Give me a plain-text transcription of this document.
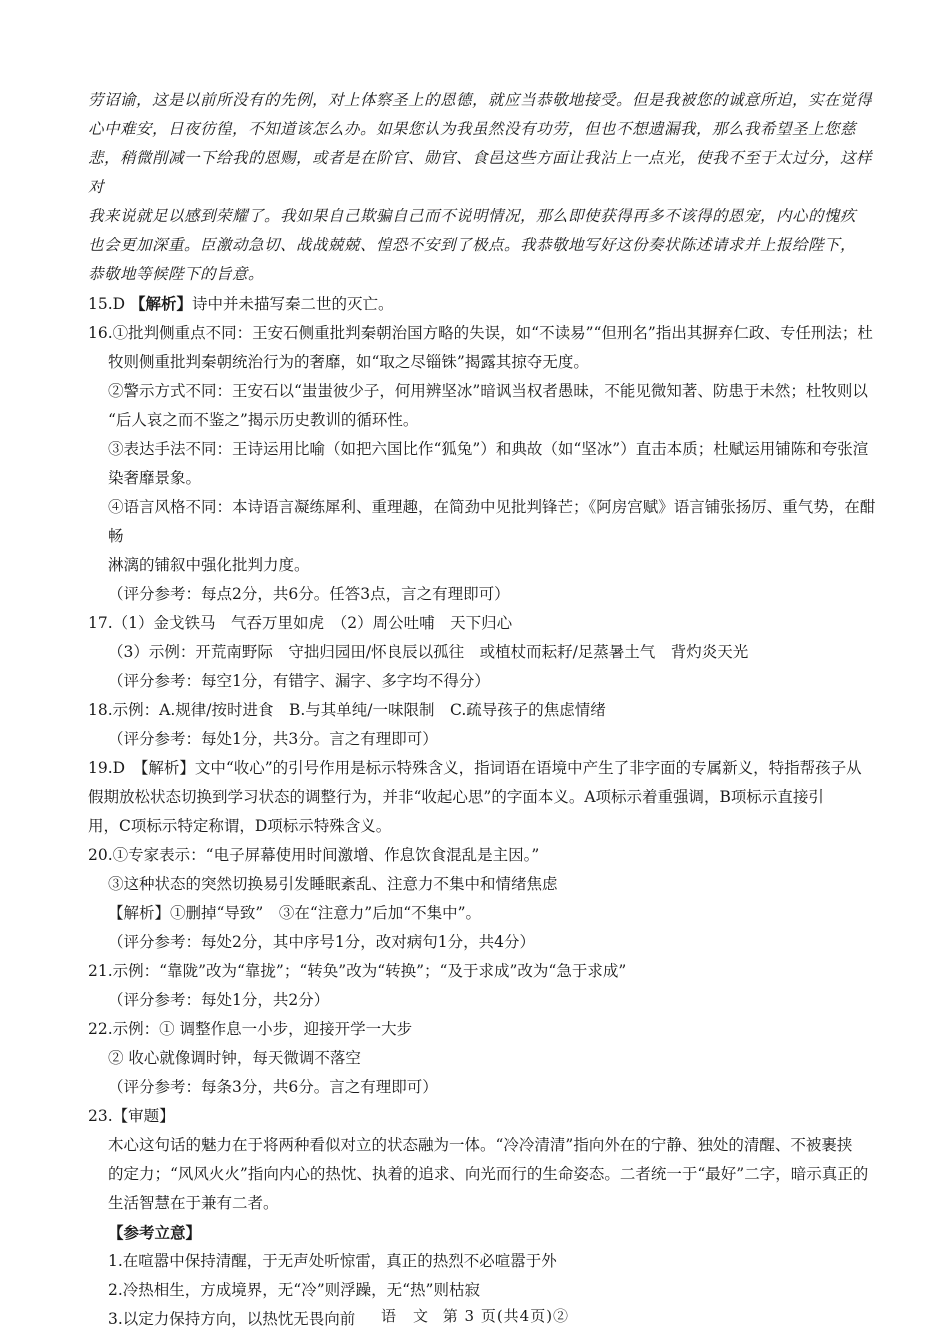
劳诏谕，这是以前所没有的先例，对上体察圣上的恩德，就应当恭敬地接受。但是我被您的诚意所迫，实在觉得

心中难安，日夜彷徨，不知道该怎么办。如果您认为我虽然没有功劳，但也不想遗漏我，那么我希望圣上您慈

悲，稍微削减一下给我的恩赐，或者是在阶官、勋官、食邑这些方面让我沾上一点光，使我不至于太过分，这样对

我来说就足以感到荣耀了。我如果自己欺骗自己而不说明情况，那么即使获得再多不该得的恩宠，内心的愧疚

也会更加深重。臣激动急切、战战兢兢、惶恐不安到了极点。我恭敬地写好这份奏状陈述请求并上报给陛下，

恭敬地等候陛下的旨意。

15.D 【解析】诗中并未描写秦二世的灭亡。

16.①批判侧重点不同：王安石侧重批判秦朝治国方略的失误，如“不读易”“但刑名”指出其摒弃仁政、专任刑法；杜

牧则侧重批判秦朝统治行为的奢靡，如“取之尽锱铢”揭露其掠夺无度。

②警示方式不同：王安石以“蚩蚩彼少子，何用辨坚冰”暗讽当权者愚昧，不能见微知著、防患于未然；杜牧则以

“后人哀之而不鉴之”揭示历史教训的循环性。

③表达手法不同：王诗运用比喻（如把六国比作“狐兔”）和典故（如“坚冰”）直击本质；杜赋运用铺陈和夸张渲

染奢靡景象。

④语言风格不同：本诗语言凝练犀利、重理趣，在简劲中见批判锋芒；《阿房宫赋》语言铺张扬厉、重气势，在酣畅

淋漓的铺叙中强化批判力度。

（评分参考：每点2分，共6分。任答3点，言之有理即可）

17.（1）金戈铁马　气吞万里如虎　（2）周公吐哺　天下归心

（3）示例：开荒南野际　守拙归园田/怀良辰以孤往　或植杖而耘耔/足蒸暑土气　背灼炎天光

（评分参考：每空1分，有错字、漏字、多字均不得分）

18.示例：A.规律/按时进食　B.与其单纯/一味限制　C.疏导孩子的焦虑情绪

（评分参考：每处1分，共3分。言之有理即可）

19.D　【解析】文中“收心”的引号作用是标示特殊含义，指词语在语境中产生了非字面的专属新义，特指帮孩子从

假期放松状态切换到学习状态的调整行为，并非“收起心思”的字面本义。A项标示着重强调，B项标示直接引

用，C项标示特定称谓，D项标示特殊含义。

20.①专家表示：“电子屏幕使用时间激增、作息饮食混乱是主因。”

③这种状态的突然切换易引发睡眠紊乱、注意力不集中和情绪焦虑

【解析】①删掉“导致”　③在“注意力”后加“不集中”。

（评分参考：每处2分，其中序号1分，改对病句1分，共4分）

21.示例：“靠陇”改为“靠拢”；“转奂”改为“转换”；“及于求成”改为“急于求成”

（评分参考：每处1分，共2分）

22.示例：① 调整作息一小步，迎接开学一大步

② 收心就像调时钟，每天微调不落空

（评分参考：每条3分，共6分。言之有理即可）

23.【审题】

木心这句话的魅力在于将两种看似对立的状态融为一体。“冷冷清清”指向外在的宁静、独处的清醒、不被裹挟

的定力；“风风火火”指向内心的热忱、执着的追求、向光而行的生命姿态。二者统一于“最好”二字，暗示真正的

生活智慧在于兼有二者。

【参考立意】

1.在喧嚣中保持清醒，于无声处听惊雷，真正的热烈不必喧嚣于外

2.冷热相生，方成境界，无“冷”则浮躁，无“热”则枯寂

3.以定力保持方向，以热忱无畏向前	语　文 第 3 页(共4页)②
